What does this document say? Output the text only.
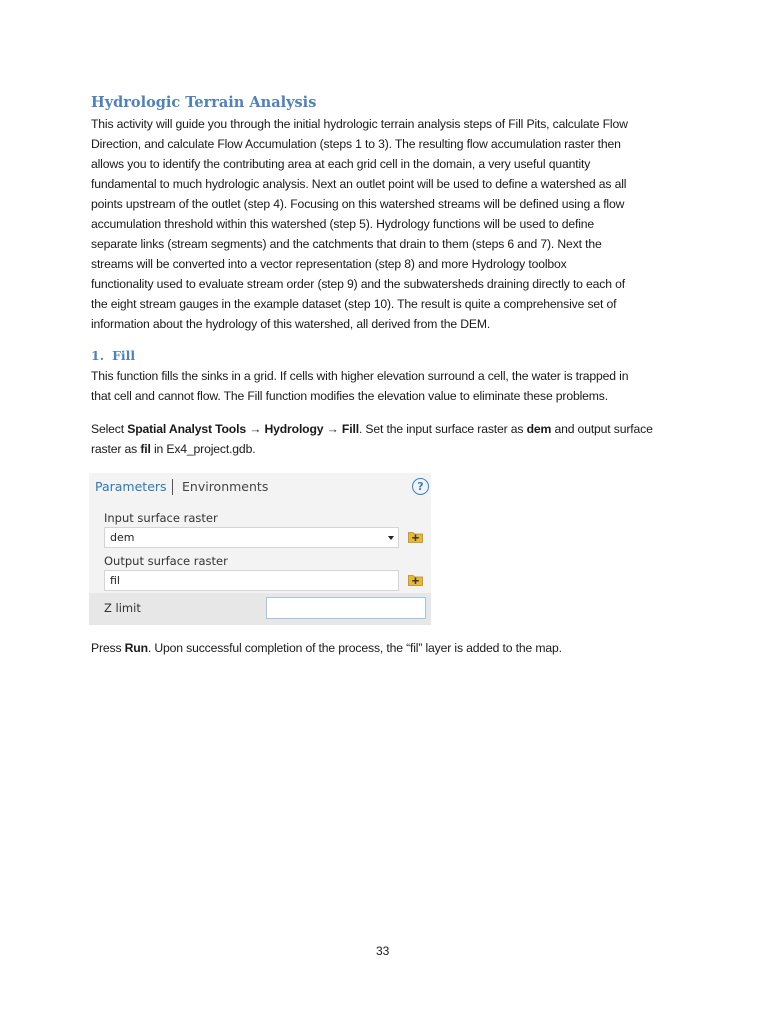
Hydrologic Terrain Analysis
This activity will guide you through the initial hydrologic terrain analysis steps of Fill Pits, calculate Flow
Direction, and calculate Flow Accumulation (steps 1 to 3). The resulting flow accumulation raster then
allows you to identify the contributing area at each grid cell in the domain, a very useful quantity
fundamental to much hydrologic analysis. Next an outlet point will be used to define a watershed as all
points upstream of the outlet (step 4). Focusing on this watershed streams will be defined using a flow
accumulation threshold within this watershed (step 5). Hydrology functions will be used to define
separate links (stream segments) and the catchments that drain to them (steps 6 and 7). Next the
streams will be converted into a vector representation (step 8) and more Hydrology toolbox
functionality used to evaluate stream order (step 9) and the subwatersheds draining directly to each of
the eight stream gauges in the example dataset (step 10). The result is quite a comprehensive set of
information about the hydrology of this watershed, all derived from the DEM.
1. Fill
This function fills the sinks in a grid. If cells with higher elevation surround a cell, the water is trapped in
that cell and cannot flow. The Fill function modifies the elevation value to eliminate these problems.
Select Spatial Analyst Tools → Hydrology → Fill. Set the input surface raster as dem and output surface
raster as fil in Ex4_project.gdb.
Parameters Environments	?
Input surface raster
dem
Output surface raster
fil
Z limit
Press Run. Upon successful completion of the process, the “fil” layer is added to the map.
33
